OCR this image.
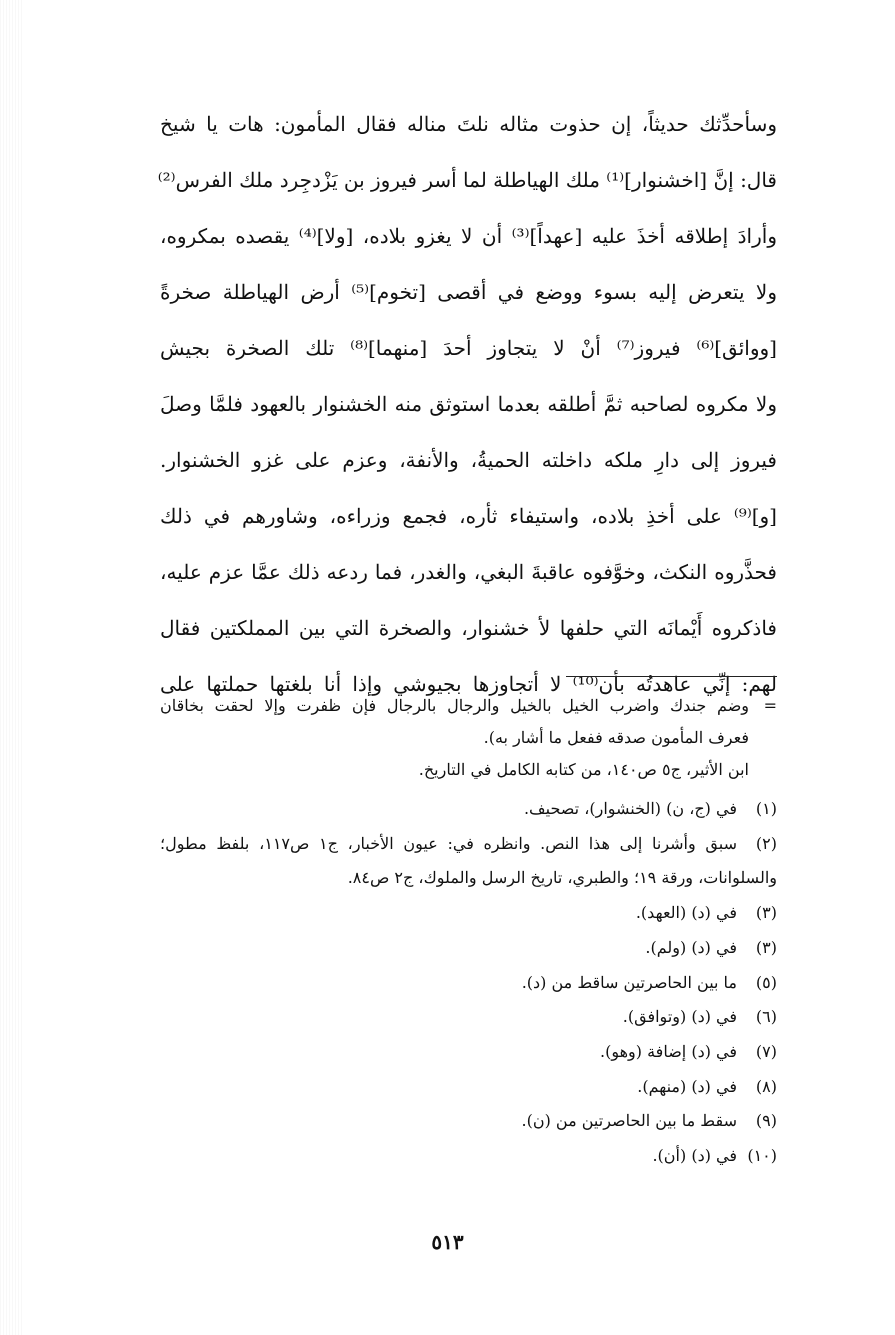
وسأحدِّثك حديثاً، إن حذوت مثاله نلتَ مناله فقال المأمون: هات يا شيخ
قال: إنَّ [اخشنوار]⁽¹⁾ ملك الهياطلة لما أسر فيروز بن يَزْدجِرد ملك الفرس⁽²⁾
وأرادَ إطلاقه أخذَ عليه [عهداً]⁽³⁾ أن لا يغزو بلاده، [ولا]⁽⁴⁾ يقصده بمكروه،
ولا يتعرض إليه بسوء ووضع في أقصى [تخوم]⁽⁵⁾ أرض الهياطلة صخرةً
[ووائق]⁽⁶⁾ فيروز⁽⁷⁾ أنْ لا يتجاوز أحدَ [منهما]⁽⁸⁾ تلك الصخرة بجيش
ولا مكروه لصاحبه ثمَّ أطلقه بعدما استوثق منه الخشنوار بالعهود فلمَّا وصلَ
فيروز إلى دارِ ملكه داخلته الحميةُ، والأنفة، وعزم على غزو الخشنوار.
[و]⁽⁹⁾ على أخذِ بلاده، واستيفاء ثأره، فجمع وزراءه، وشاورهم في ذلك
فحذَّروه النكث، وخوَّفوه عاقبةَ البغي، والغدر، فما ردعه ذلك عمَّا عزم عليه،
فاذكروه أَيْمانَه التي حلفها لأ خشنوار، والصخرة التي بين المملكتين فقال
لهم: إنِّي عاهدتُه بأن⁽¹⁰⁾ لا أتجاوزها بجيوشي وإذا أنا بلغتها حملتها على
=
وضم جندك واضرب الخيل بالخيل والرجال بالرجال فإن ظفرت وإلا لحقت بخاقان
فعرف المأمون صدقه ففعل ما أشار به).
ابن الأثير، ج٥ ص١٤٠، من كتابه الكامل في التاريخ.
(١)
في (ج، ن) (الخنشوار)، تصحيف.
(٢)
سبق وأشرنا إلى هذا النص. وانظره في: عيون الأخبار، ج١ ص١١٧، بلفظ مطول؛
والسلوانات، ورقة ١٩؛ والطبري، تاريخ الرسل والملوك، ج٢ ص٨٤.
(٣)
في (د) (العهد).
(٣)
في (د) (ولم).
(٥)
ما بين الحاصرتين ساقط من (د).
(٦)
في (د) (وتوافق).
(٧)
في (د) إضافة (وهو).
(٨)
في (د) (منهم).
(٩)
سقط ما بين الحاصرتين من (ن).
(١٠)
في (د) (أن).
٥١٣
